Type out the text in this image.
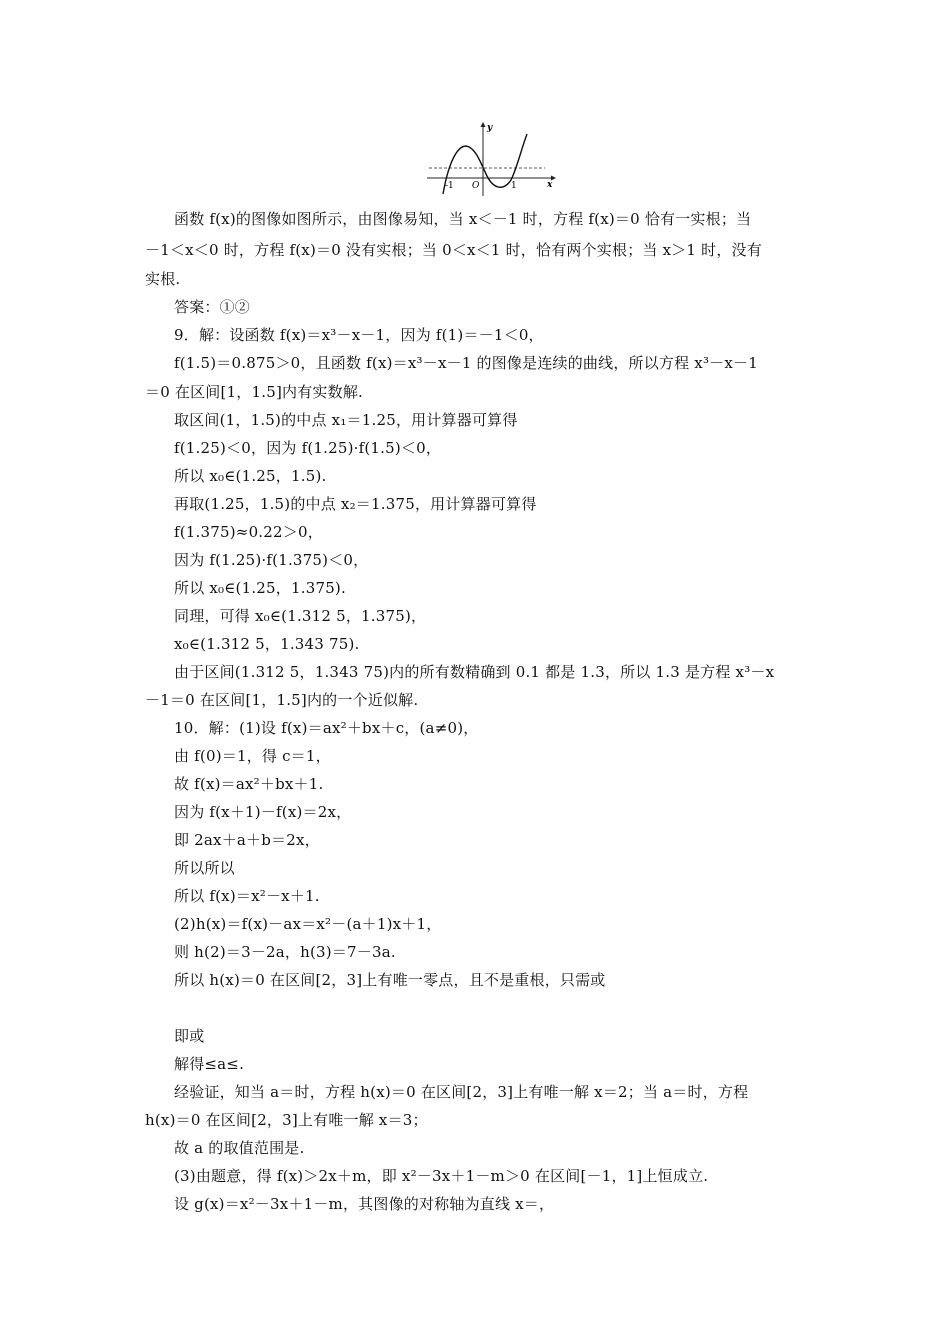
y
x
-1 O	1
函数 f(x)的图像如图所示，由图像易知，当 x＜－1 时，方程 f(x)＝0 恰有一实根；当
－1＜x＜0 时，方程 f(x)＝0 没有实根；当 0＜x＜1 时，恰有两个实根；当 x＞1 时，没有
实根.
答案：①②
9．解：设函数 f(x)＝x³－x－1，因为 f(1)＝－1＜0，
f(1.5)＝0.875＞0，且函数 f(x)＝x³－x－1 的图像是连续的曲线，所以方程 x³－x－1
＝0 在区间[1，1.5]内有实数解.
取区间(1，1.5)的中点 x₁＝1.25，用计算器可算得
f(1.25)＜0，因为 f(1.25)·f(1.5)＜0，
所以 x₀∈(1.25，1.5).
再取(1.25，1.5)的中点 x₂＝1.375，用计算器可算得
f(1.375)≈0.22＞0，
因为 f(1.25)·f(1.375)＜0，
所以 x₀∈(1.25，1.375).
同理，可得 x₀∈(1.312 5，1.375)，
x₀∈(1.312 5，1.343 75).
由于区间(1.312 5，1.343 75)内的所有数精确到 0.1 都是 1.3，所以 1.3 是方程 x³－x
－1＝0 在区间[1，1.5]内的一个近似解.
10．解：(1)设 f(x)＝ax²＋bx＋c，(a≠0)，
由 f(0)＝1，得 c＝1，
故 f(x)＝ax²＋bx＋1.
因为 f(x＋1)－f(x)＝2x，
即 2ax＋a＋b＝2x，
所以所以
所以 f(x)＝x²－x＋1.
(2)h(x)＝f(x)－ax＝x²－(a＋1)x＋1，
则 h(2)＝3－2a，h(3)＝7－3a.
所以 h(x)＝0 在区间[2，3]上有唯一零点，且不是重根，只需或
即或
解得≤a≤.
经验证，知当 a＝时，方程 h(x)＝0 在区间[2，3]上有唯一解 x＝2；当 a＝时，方程
h(x)＝0 在区间[2，3]上有唯一解 x＝3；
故 a 的取值范围是.
(3)由题意，得 f(x)＞2x＋m，即 x²－3x＋1－m＞0 在区间[－1，1]上恒成立.
设 g(x)＝x²－3x＋1－m，其图像的对称轴为直线 x＝，
